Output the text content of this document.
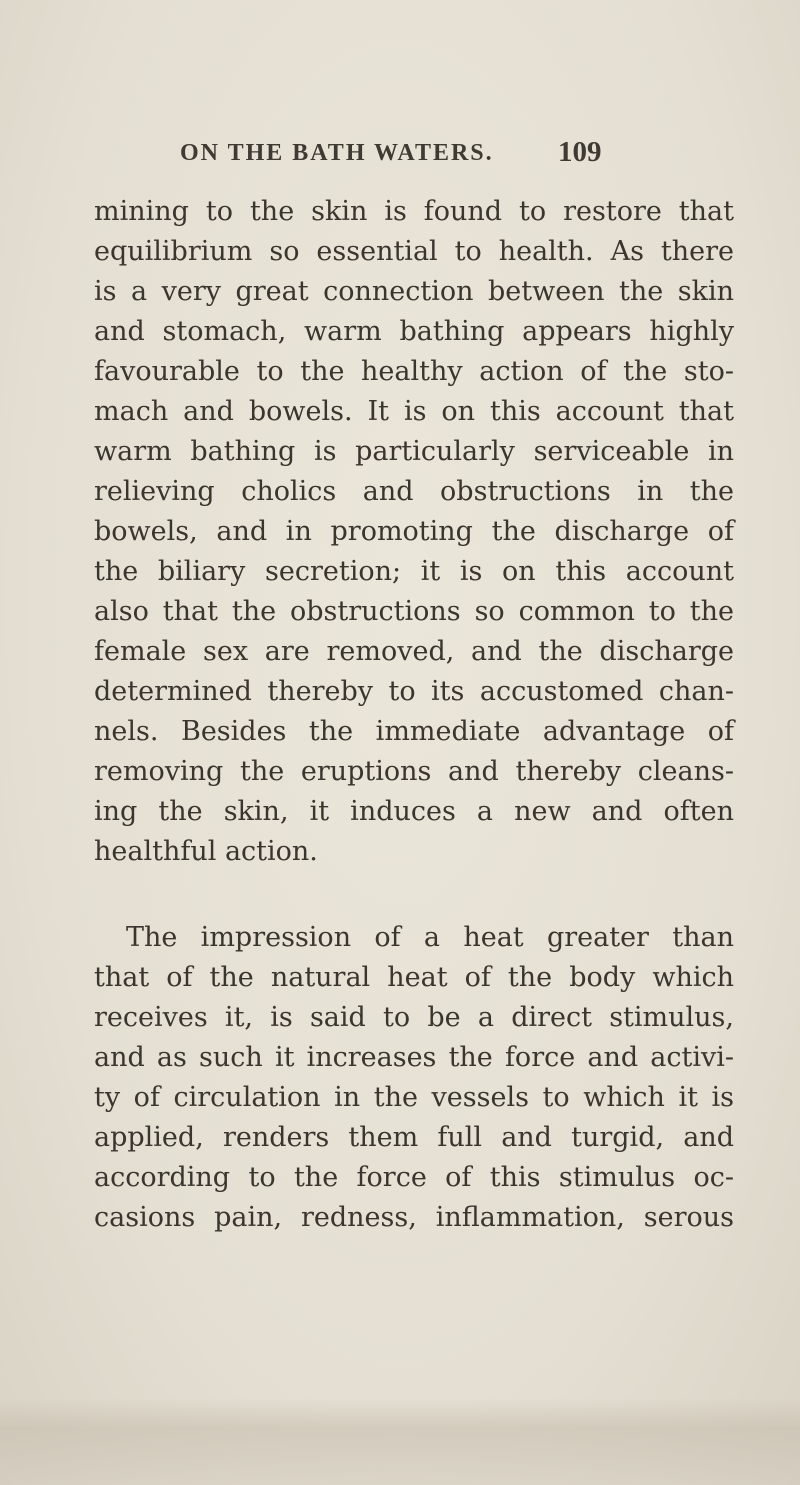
ON THE BATH WATERS. 109
mining to the skin is found to restore that
equilibrium so essential to health. As there
is a very great connection between the skin
and stomach, warm bathing appears highly
favourable to the healthy action of the sto-
mach and bowels. It is on this account that
warm bathing is particularly serviceable in
relieving cholics and obstructions in the
bowels, and in promoting the discharge of
the biliary secretion; it is on this account
also that the obstructions so common to the
female sex are removed, and the discharge
determined thereby to its accustomed chan-
nels. Besides the immediate advantage of
removing the eruptions and thereby cleans-
ing the skin, it induces a new and often
healthful action.
The impression of a heat greater than
that of the natural heat of the body which
receives it, is said to be a direct stimulus,
and as such it increases the force and activi-
ty of circulation in the vessels to which it is
applied, renders them full and turgid, and
according to the force of this stimulus oc-
casions pain, redness, inflammation, serous
